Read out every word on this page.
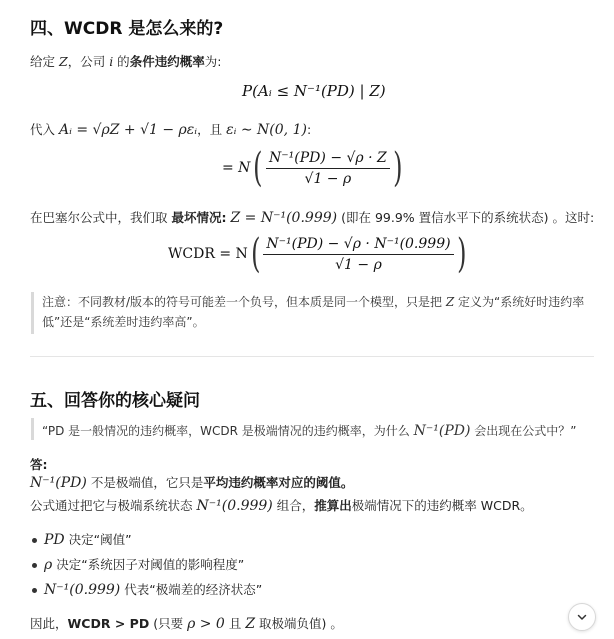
四、WCDR 是怎么来的?
给定 Z，公司 i 的条件违约概率为:
P(Aᵢ ≤ N⁻¹(PD) | Z)
代入 Aᵢ = √ρZ + √1 − ρεᵢ，且 εᵢ ∼ N(0, 1):
= N ( $\frac{\text{N⁻¹(PD) − √ρ · Z}}{√1 - \rho}$ )
在巴塞尔公式中，我们取 最坏情况: Z = N⁻¹(0.999) (即在 99.9% 置信水平下的系统状态) 。这时:
WCDR = N ( $\frac{\text{N⁻¹(PD) − √ρ · N⁻¹(0.999)}}{√1 - \rho}$ )
注意：不同教材/版本的符号可能差一个负号，但本质是同一个模型，只是把 Z 定义为“系统好时违约率
低”还是“系统差时违约率高”。
五、回答你的核心疑问
“PD 是一般情况的违约概率，WCDR 是极端情况的违约概率，为什么 N⁻¹(PD) 会出现在公式中？”
答:
N⁻¹(PD) 不是极端值，它只是平均违约概率对应的阈值。
公式通过把它与极端系统状态 N⁻¹(0.999) 组合，推算出极端情况下的违约概率 WCDR。
PD 决定“阈值”
ρ 决定“系统因子对阈值的影响程度”
N⁻¹(0.999) 代表“极端差的经济状态”
因此，WCDR > PD (只要 ρ > 0 且 Z 取极端负值) 。
